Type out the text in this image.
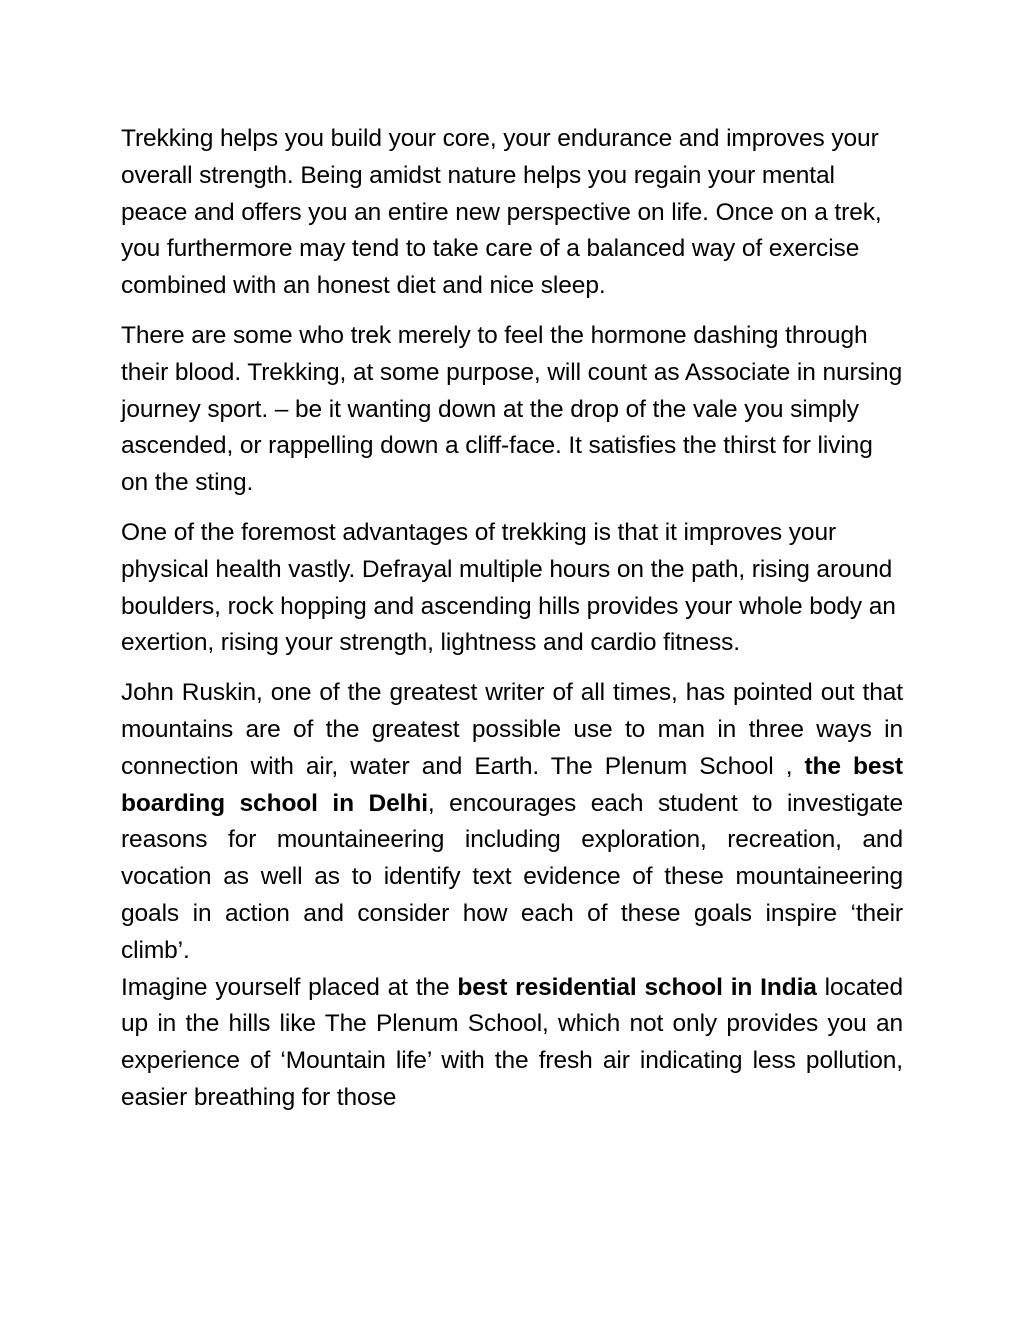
Trekking helps you build your core, your endurance and improves your overall strength. Being amidst nature helps you regain your mental peace and offers you an entire new perspective on life. Once on a trek, you furthermore may tend to take care of a balanced way of exercise combined with an honest diet and nice sleep.

There are some who trek merely to feel the hormone dashing through their blood. Trekking, at some purpose, will count as Associate in nursing journey sport. – be it wanting down at the drop of the vale you simply ascended, or rappelling down a cliff-face. It satisfies the thirst for living on the sting.

One of the foremost advantages of trekking is that it improves your physical health vastly. Defrayal multiple hours on the path, rising around boulders, rock hopping and ascending hills provides your whole body an exertion, rising your strength, lightness and cardio fitness.

John Ruskin, one of the greatest writer of all times, has pointed out that mountains are of the greatest possible use to man in three ways in connection with air, water and Earth. The Plenum School , the best boarding school in Delhi, encourages each student to investigate reasons for mountaineering including exploration, recreation, and vocation as well as to identify text evidence of these mountaineering goals in action and consider how each of these goals inspire ‘their climb’.

Imagine yourself placed at the best residential school in India located up in the hills like The Plenum School, which not only provides you an experience of ‘Mountain life’ with the fresh air indicating less pollution, easier breathing for those
